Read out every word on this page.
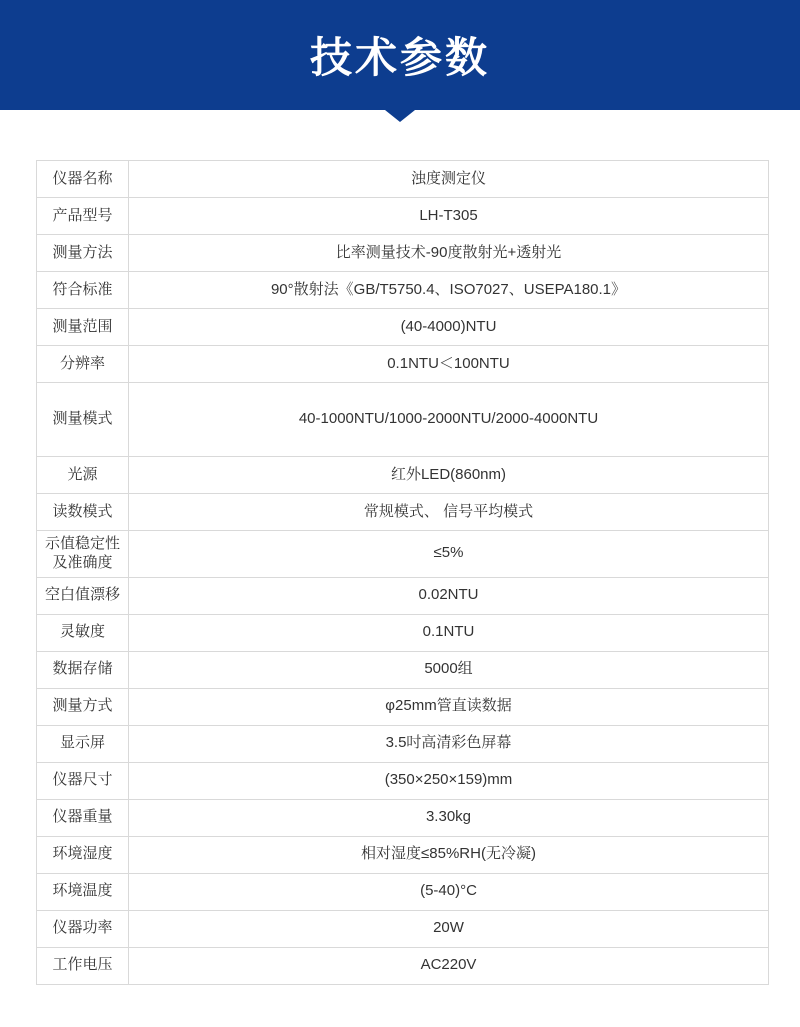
技术参数
仪器名称	浊度测定仪
产品型号	LH-T305
测量方法	比率测量技术-90度散射光+透射光
符合标准	90°散射法《GB/T5750.4、ISO7027、USEPA180.1》
测量范围	(40-4000)NTU
分辨率	0.1NTU＜100NTU
测量模式	40-1000NTU/1000-2000NTU/2000-4000NTU
光源	红外LED(860nm)
读数模式	常规模式、 信号平均模式
示值稳定性及准确度	≤5%
空白值漂移	0.02NTU
灵敏度	0.1NTU
数据存储	5000组
测量方式	φ25mm管直读数据
显示屏	3.5吋高清彩色屏幕
仪器尺寸	(350×250×159)mm
仪器重量	3.30kg
环境湿度	相对湿度≤85%RH(无冷凝)
环境温度	(5-40)°C
仪器功率	20W
工作电压	AC220V
